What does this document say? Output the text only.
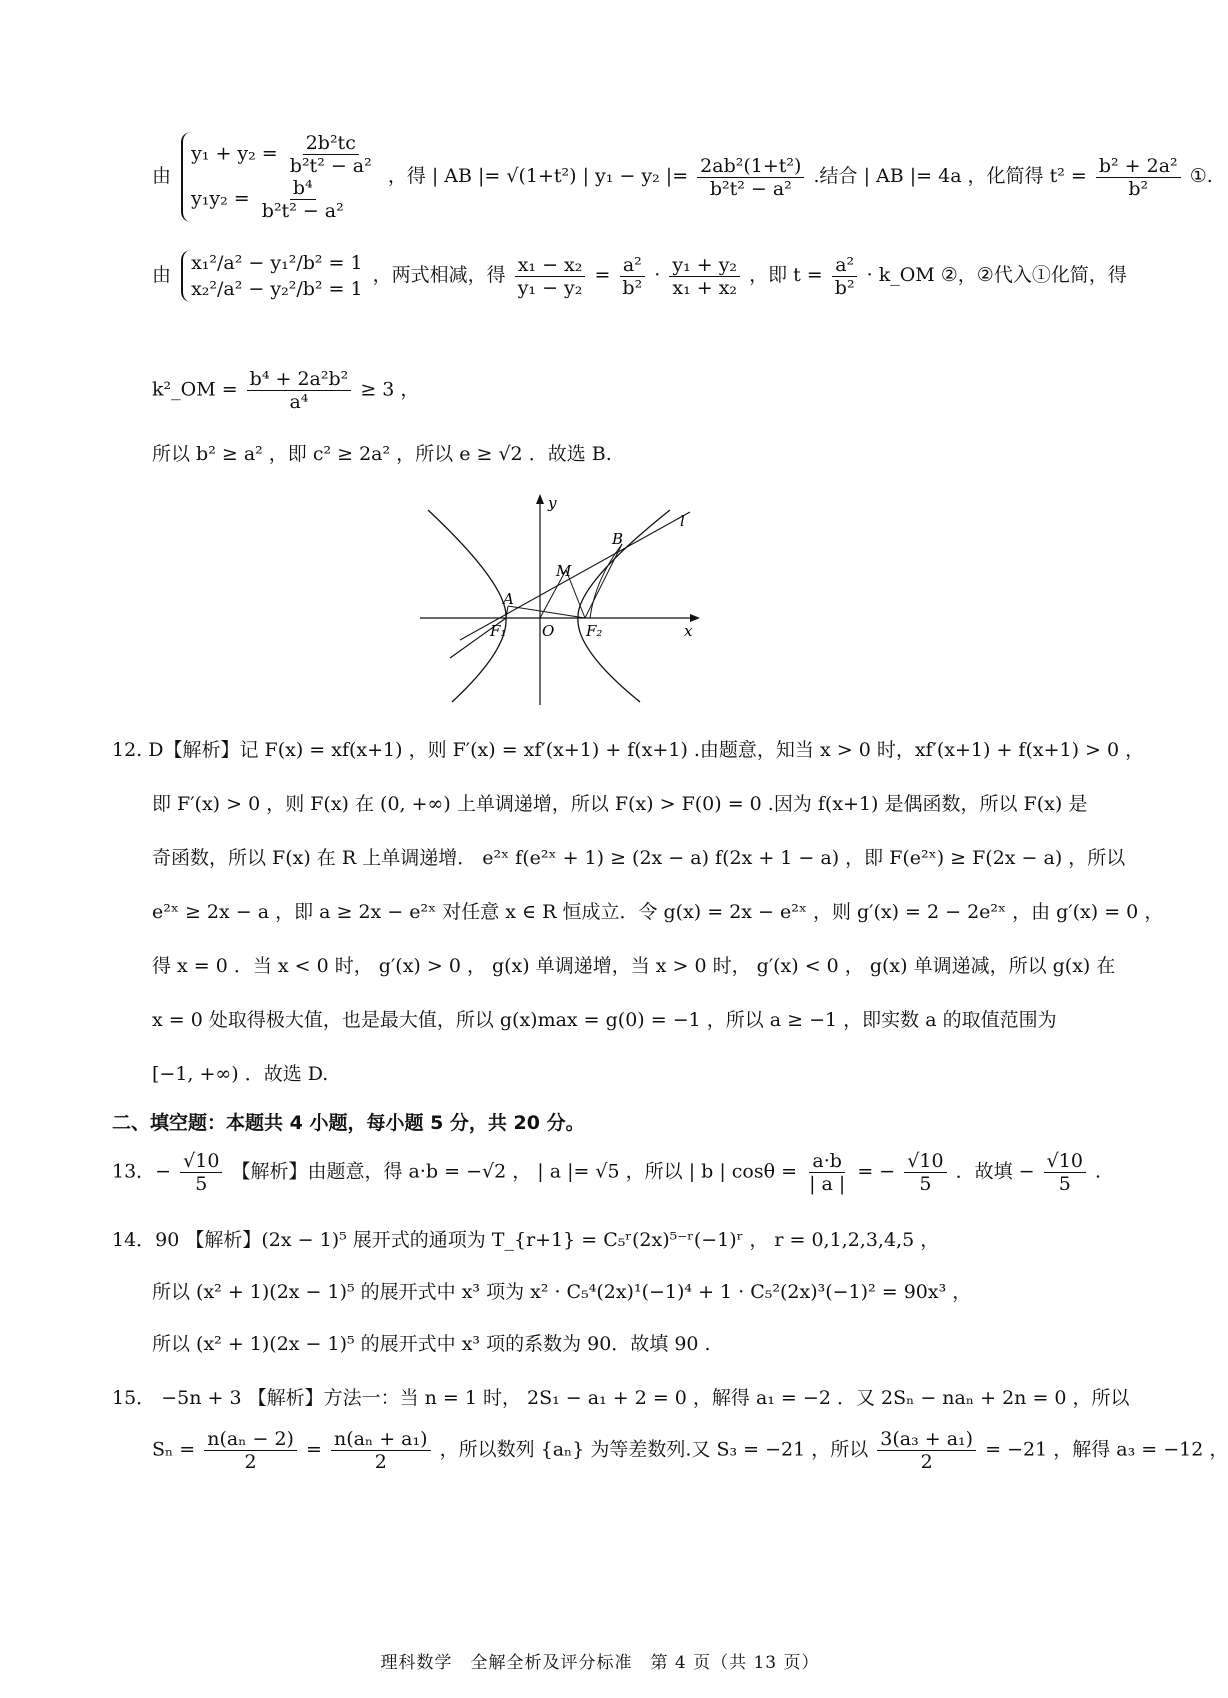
由
$y_1 + y_2 = \frac{\text{2b²tc}}{\text{b²t² − a²}}$
$y_1y_2 = \frac{\text{b⁴}}{\text{b²t² − a²}}$
，得 | AB |= √(1+t²) | y₁ − y₂ |= $\frac{\text{2ab²(1+t²)}}{\text{b²t² − a²}}$ .结合 | AB |= 4a ，化简得 $t^2 = \frac{\text{b² + 2a²}}{\text{b²}}$ ①.
由
x₁²/a² − y₁²/b² = 1
x₂²/a² − y₂²/b² = 1
，两式相减，得 $\frac{\text{x₁ − x₂}}{\text{y₁ − y₂}} = \frac{\text{a²}}{\text{b²}} \cdot \frac{\text{y₁ + y₂}}{\text{x₁ + x₂}}$ ，即 $t = \frac{\text{a²}}{\text{b²}}$ · k_OM ②，②代入①化简，得
k²_OM = $\frac{\text{b⁴ + 2a²b²}}{\text{a⁴}} \ge 3$ ，
所以 b² ≥ a² ，即 c² ≥ 2a² ，所以 e ≥ √2 ．故选 B.
y
x
l
B
M
A
O
F₁	F₂
12. D【解析】记 F(x) = xf(x+1) ，则 F′(x) = xf′(x+1) + f(x+1) .由题意，知当 x > 0 时，xf′(x+1) + f(x+1) > 0 ，
即 F′(x) > 0 ，则 F(x) 在 (0, +∞) 上单调递增，所以 F(x) > F(0) = 0 .因为 f(x+1) 是偶函数，所以 F(x) 是
奇函数，所以 F(x) 在 R 上单调递增． e²ˣ f(e²ˣ + 1) ≥ (2x − a) f(2x + 1 − a) ，即 F(e²ˣ) ≥ F(2x − a) ，所以
e²ˣ ≥ 2x − a ，即 a ≥ 2x − e²ˣ 对任意 x ∈ R 恒成立．令 g(x) = 2x − e²ˣ ，则 g′(x) = 2 − 2e²ˣ ，由 g′(x) = 0 ，
得 x = 0 ．当 x < 0 时， g′(x) > 0 ， g(x) 单调递增，当 x > 0 时， g′(x) < 0 ， g(x) 单调递减，所以 g(x) 在
x = 0 处取得极大值，也是最大值，所以 g(x)max = g(0) = −1 ，所以 a ≥ −1 ，即实数 a 的取值范围为
[−1, +∞) ．故选 D.
二、填空题：本题共 4 小题，每小题 5 分，共 20 分。
13．− $\frac{√10}{5}$ 【解析】由题意，得 a·b = −√2 ， | a |= √5 ，所以 | b | $\cos\theta = \frac{a\cdot b}{| a |}$ = − $\frac{√10}{5}$ ．故填 − $\frac{√10}{5}$ .
14．90 【解析】(2x − 1)⁵ 展开式的通项为 T_{r+1} = C₅ʳ(2x)⁵⁻ʳ(−1)ʳ ， r = 0,1,2,3,4,5 ，
所以 (x² + 1)(2x − 1)⁵ 的展开式中 x³ 项为 x² · C₅⁴(2x)¹(−1)⁴ + 1 · C₅²(2x)³(−1)² = 90x³ ，
所以 (x² + 1)(2x − 1)⁵ 的展开式中 x³ 项的系数为 90．故填 90 .
15． −5n + 3 【解析】方法一：当 n = 1 时， 2S₁ − a₁ + 2 = 0 ，解得 a₁ = −2 ．又 2Sₙ − naₙ + 2n = 0 ，所以
$S_n = \frac{\text{n(aₙ − 2)}}{2} = \frac{\text{n(aₙ + a₁)}}{2}$ ，所以数列 {aₙ} 为等差数列.又 S₃ = −21 ，所以 $\frac{\text{3(a₃ + a₁)}}{2} = -21$ ，解得 a₃ = −12 ，
理科数学　全解全析及评分标准　第 4 页（共 13 页）
